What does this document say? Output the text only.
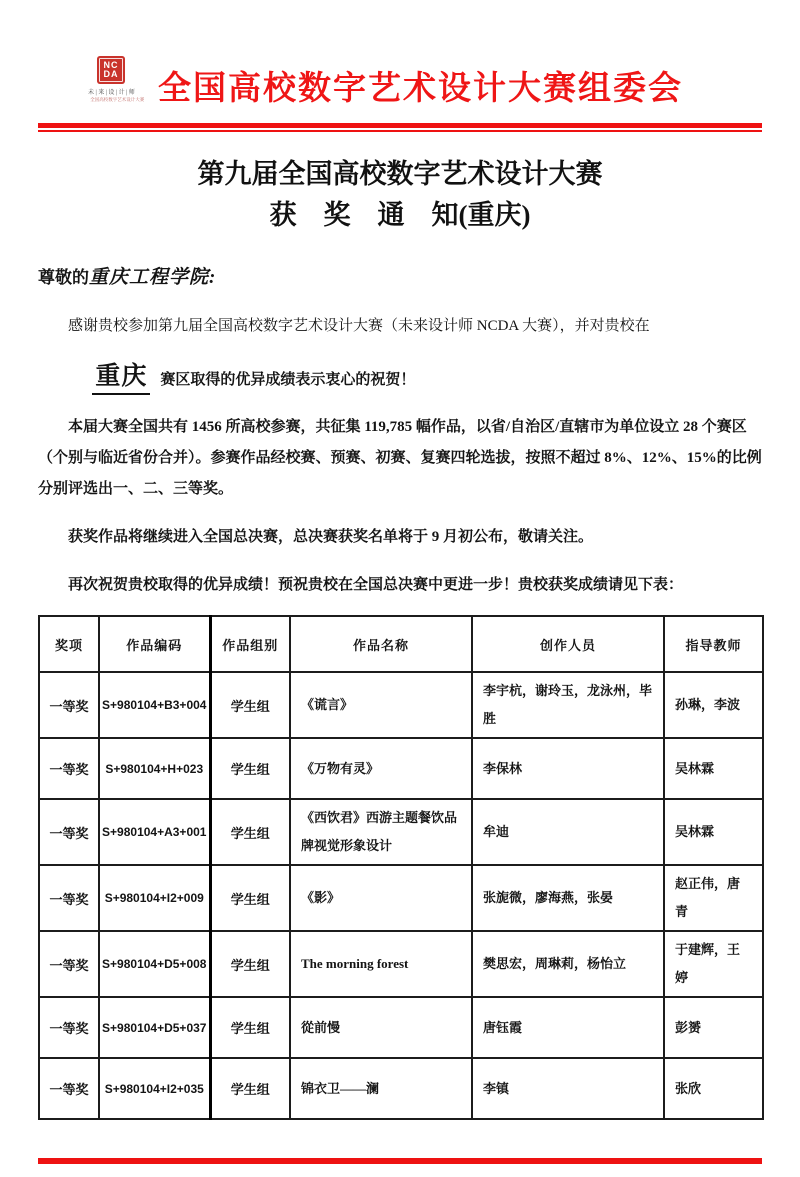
NC
DA
未 | 来 | 设 | 计 | 师
全国高校数字艺术设计大赛 全国高校数字艺术设计大赛组委会
第九届全国高校数字艺术设计大赛
获　奖　通　知(重庆)
尊敬的重庆工程学院:

感谢贵校参加第九届全国高校数字艺术设计大赛（未来设计师 NCDA 大赛），并对贵校在

重庆 赛区取得的优异成绩表示衷心的祝贺！

本届大赛全国共有 1456 所高校参赛，共征集 119,785 幅作品，以省/自治区/直辖市为单位设立 28 个赛区（个别与临近省份合并）。参赛作品经校赛、预赛、初赛、复赛四轮选拔，按照不超过 8%、12%、15%的比例分别评选出一、二、三等奖。

获奖作品将继续进入全国总决赛，总决赛获奖名单将于 9 月初公布，敬请关注。

再次祝贺贵校取得的优异成绩！预祝贵校在全国总决赛中更进一步！贵校获奖成绩请见下表：

奖项	作品编码	作品组别	作品名称	创作人员	指导教师
一等奖	S+980104+B3+004	学生组	《谎言》	李宇杭，谢玲玉，龙泳州，毕胜	孙琳，李波
一等奖	S+980104+H+023	学生组	《万物有灵》	李保林	吴林霖
一等奖	S+980104+A3+001	学生组	《西饮君》西游主题餐饮品牌视觉形象设计	牟迪	吴林霖
一等奖	S+980104+I2+009	学生组	《影》	张旎微，廖海燕，张晏	赵正伟，唐青
一等奖	S+980104+D5+008	学生组	The morning forest	樊思宏，周琳莉，杨怡立	于建辉，王婷
一等奖	S+980104+D5+037	学生组	從前慢	唐钰霞	彭赟
一等奖	S+980104+I2+035	学生组	锦衣卫——澜	李镇	张欣
